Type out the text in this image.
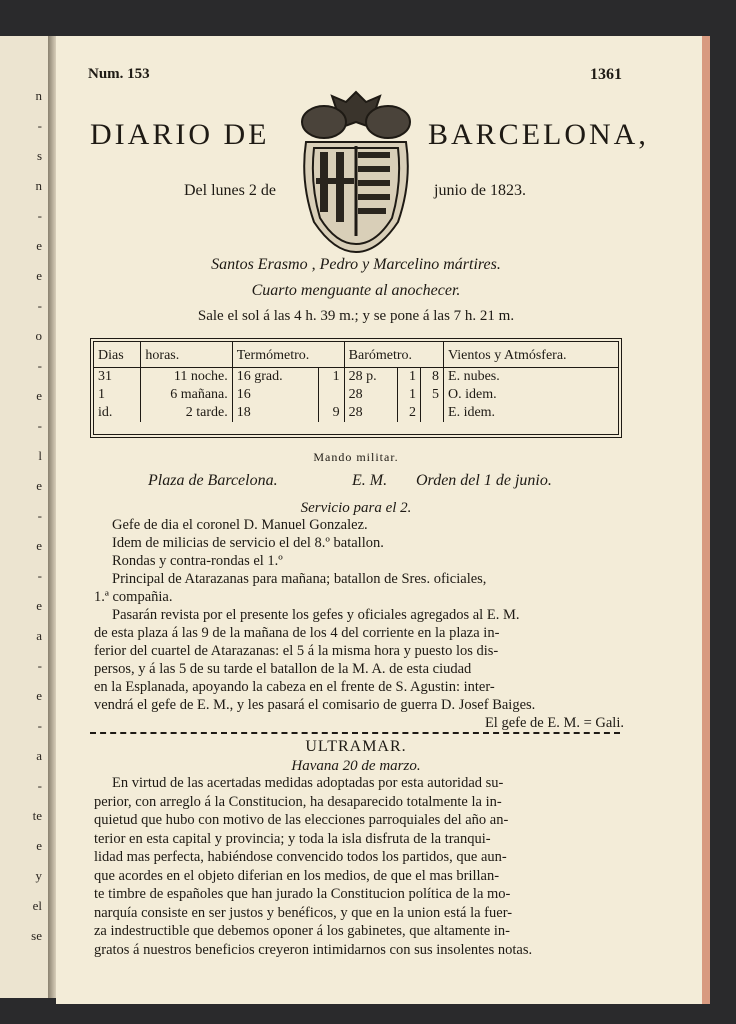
n
-
s
n
-
e
e
-
o
-
e
-
l
e
-
e
-
e
a
-
e
-
a
-
te
e
y
el
se
Num. 153	1361
DIARIO DE	BARCELONA,
Del lunes 2 de	junio de 1823.
Santos Erasmo , Pedro y Marcelino mártires.
Cuarto menguante al anochecer.
Sale el sol á las 4 h. 39 m.; y se pone á las 7 h. 21 m.
Dias	horas.	Termómetro.		Barómetro.			Vientos y Atmósfera.
31	11 noche.	16 grad.	1	28 p.	1	8	E. nubes.
1	6 mañana.	16		28	1	5	O. idem.
id.	2 tarde.	18	9	28	2		E. idem.
Mando militar.
Plaza de Barcelona.	E. M. Orden del 1 de junio.
Servicio para el 2.
Gefe de dia el coronel D. Manuel Gonzalez.
Idem de milicias de servicio el del 8.º batallon.
Rondas y contra-rondas el 1.º
Principal de Atarazanas para mañana; batallon de Sres. oficiales,
1.ª compañia.
Pasarán revista por el presente los gefes y oficiales agregados al E. M.
de esta plaza á las 9 de la mañana de los 4 del corriente en la plaza in-
ferior del cuartel de Atarazanas: el 5 á la misma hora y puesto los dis-
persos, y á las 5 de su tarde el batallon de la M. A. de esta ciudad
en la Esplanada, apoyando la cabeza en el frente de S. Agustin: inter-
vendrá el gefe de E. M., y les pasará el comisario de guerra D. Josef Baiges.
El gefe de E. M. = Gali.
ULTRAMAR.
Havana 20 de marzo.
En virtud de las acertadas medidas adoptadas por esta autoridad su-
perior, con arreglo á la Constitucion, ha desaparecido totalmente la in-
quietud que hubo con motivo de las elecciones parroquiales del año an-
terior en esta capital y provincia; y toda la isla disfruta de la tranqui-
lidad mas perfecta, habiéndose convencido todos los partidos, que aun-
que acordes en el objeto diferian en los medios, de que el mas brillan-
te timbre de españoles que han jurado la Constitucion política de la mo-
narquía consiste en ser justos y benéficos, y que en la union está la fuer-
za indestructible que debemos oponer á los gabinetes, que altamente in-
gratos á nuestros beneficios creyeron intimidarnos con sus insolentes notas.
